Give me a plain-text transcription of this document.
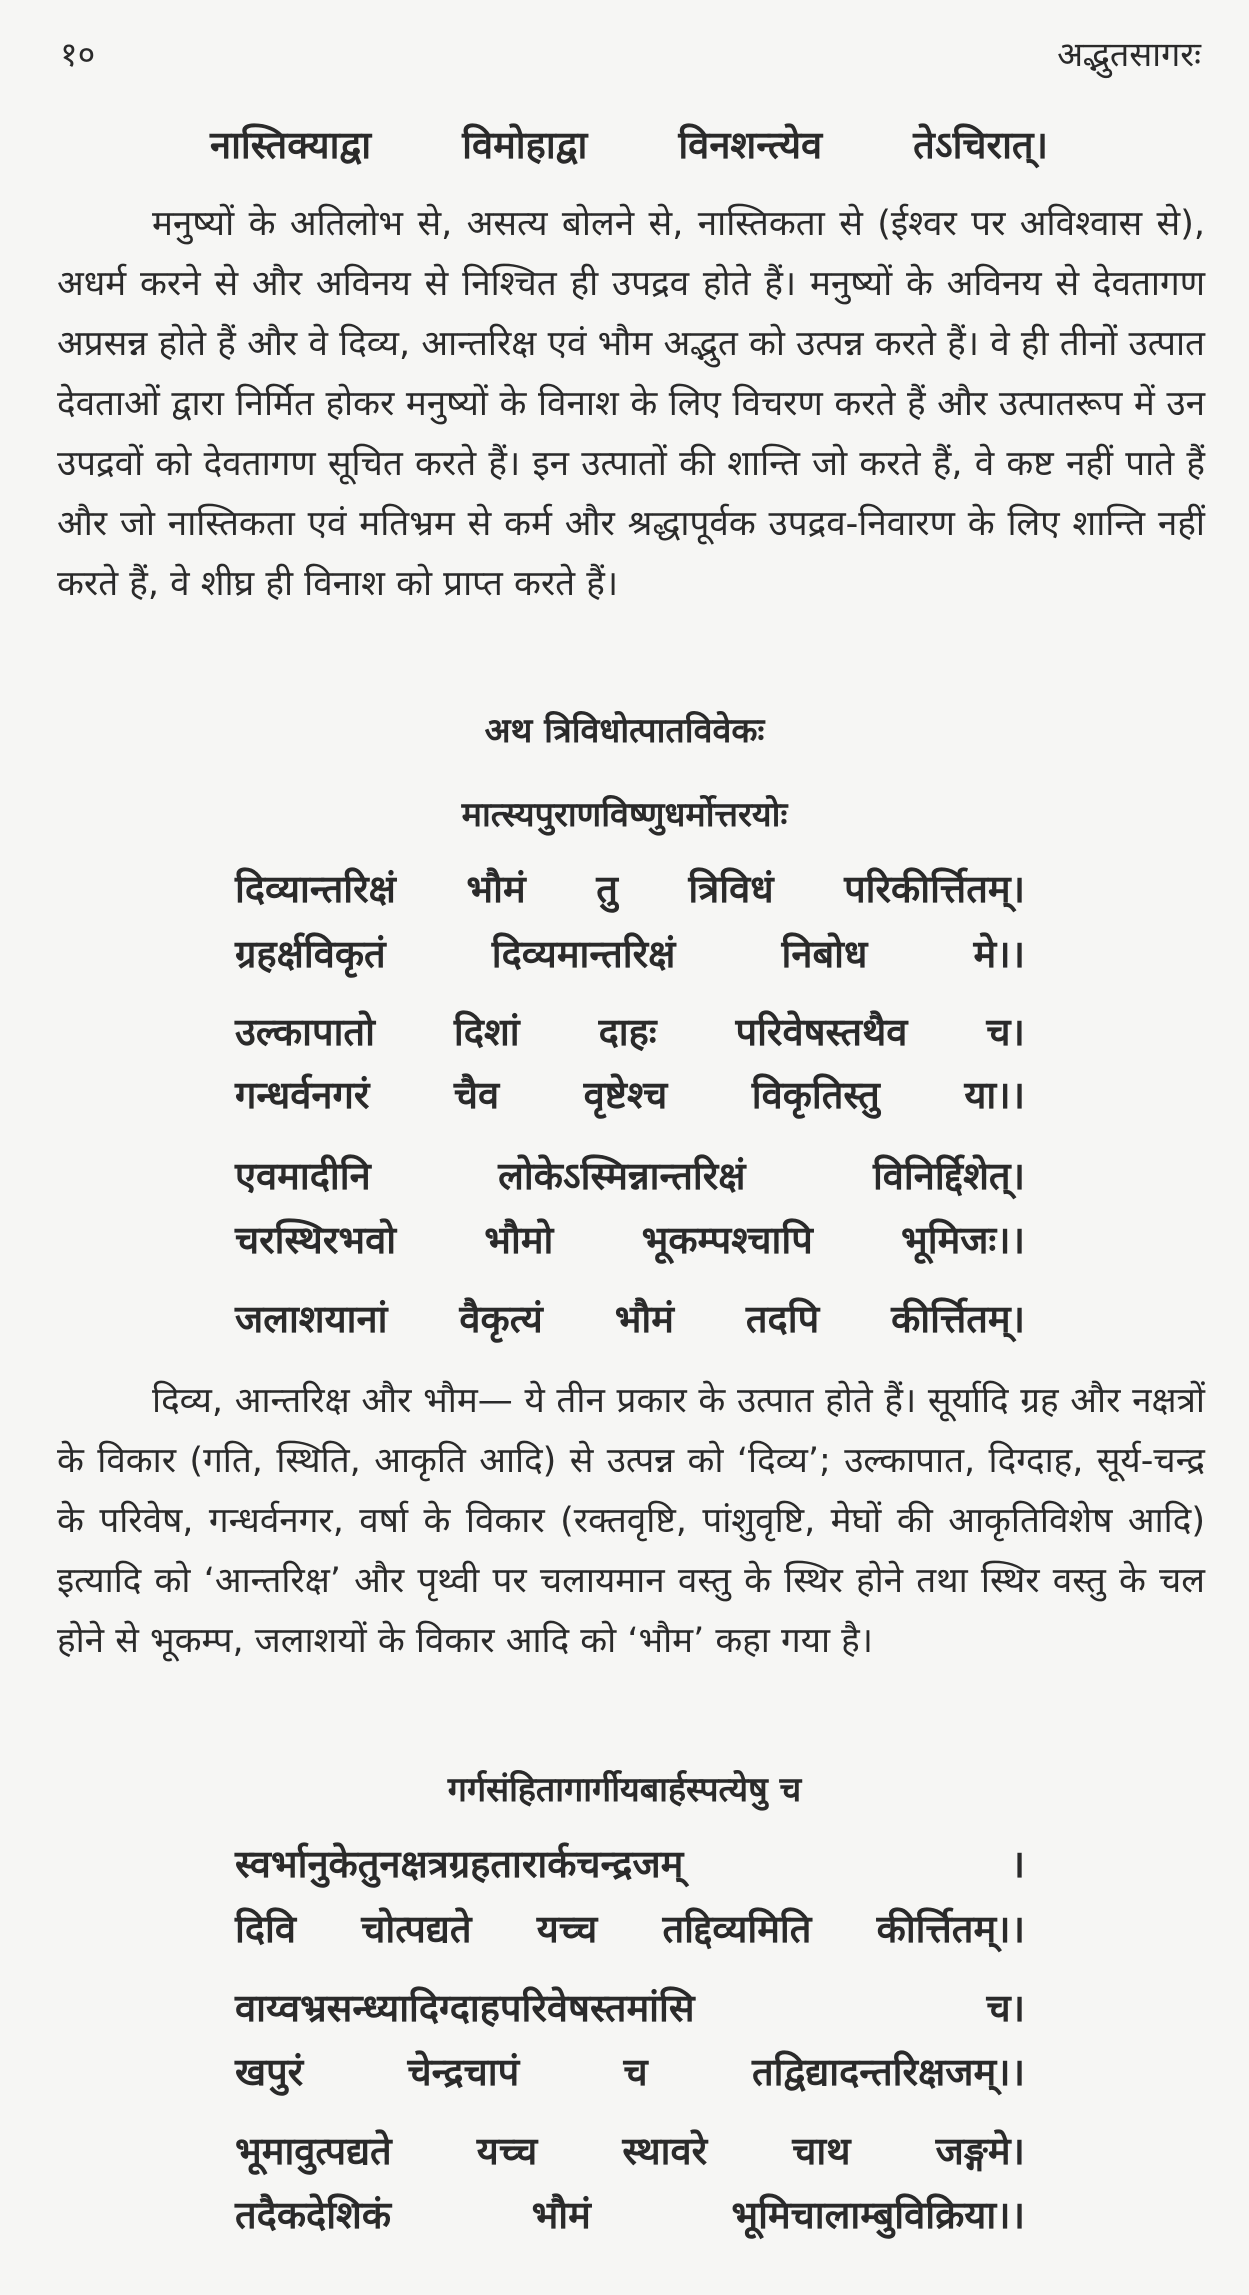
१०	अद्भुतसागरः
नास्तिक्याद्वा विमोहाद्वा विनशन्त्येव तेऽचिरात्।

मनुष्यों के अतिलोभ से, असत्य बोलने से, नास्तिकता से (ईश्वर पर अविश्वास से), अधर्म करने से और अविनय से निश्चित ही उपद्रव होते हैं। मनुष्यों के अविनय से देवतागण अप्रसन्न होते हैं और वे दिव्य, आन्तरिक्ष एवं भौम अद्भुत को उत्पन्न करते हैं। वे ही तीनों उत्पात देवताओं द्वारा निर्मित होकर मनुष्यों के विनाश के लिए विचरण करते हैं और उत्पातरूप में उन उपद्रवों को देवतागण सूचित करते हैं। इन उत्पातों की शान्ति जो करते हैं, वे कष्ट नहीं पाते हैं और जो नास्तिकता एवं मतिभ्रम से कर्म और श्रद्धापूर्वक उपद्रव-निवारण के लिए शान्ति नहीं करते हैं, वे शीघ्र ही विनाश को प्राप्त करते हैं।

अथ त्रिविधोत्पातविवेकः
मात्स्यपुराणविष्णुधर्मोत्तरयोः
दिव्यान्तरिक्षं भौमं तु त्रिविधं परिकीर्त्तितम्।
ग्रहर्क्षविकृतं	दिव्यमान्तरिक्षं	निबोध	मे।।
उल्कापातो दिशां दाहः परिवेषस्तथैव च।
गन्धर्वनगरं चैव वृष्टेश्च विकृतिस्तु या।।
एवमादीनि	लोकेऽस्मिन्नान्तरिक्षं	विनिर्द्दिशेत्।
चरस्थिरभवो भौमो भूकम्पश्चापि भूमिजः।।
जलाशयानां वैकृत्यं भौमं तदपि कीर्त्तितम्।

दिव्य, आन्तरिक्ष और भौम— ये तीन प्रकार के उत्पात होते हैं। सूर्यादि ग्रह और नक्षत्रों के विकार (गति, स्थिति, आकृति आदि) से उत्पन्न को ‘दिव्य’; उल्कापात, दिग्दाह, सूर्य-चन्द्र के परिवेष, गन्धर्वनगर, वर्षा के विकार (रक्तवृष्टि, पांशुवृष्टि, मेघों की आकृतिविशेष आदि) इत्यादि को ‘आन्तरिक्ष’ और पृथ्वी पर चलायमान वस्तु के स्थिर होने तथा स्थिर वस्तु के चल होने से भूकम्प, जलाशयों के विकार आदि को ‘भौम’ कहा गया है।

गर्गसंहितागार्गीयबार्हस्पत्येषु च
स्वर्भानुकेतुनक्षत्रग्रहतारार्कचन्द्रजम्	।
दिवि चोत्पद्यते यच्च तद्दिव्यमिति कीर्त्तितम्।।
वाय्वभ्रसन्ध्यादिग्दाहपरिवेषस्तमांसि	च।
खपुरं	चेन्द्रचापं	च	तद्विद्यादन्तरिक्षजम्।।
भूमावुत्पद्यते यच्च स्थावरे चाथ जङ्गमे।
तदैकदेशिकं	भौमं	भूमिचालाम्बुविक्रिया।।
